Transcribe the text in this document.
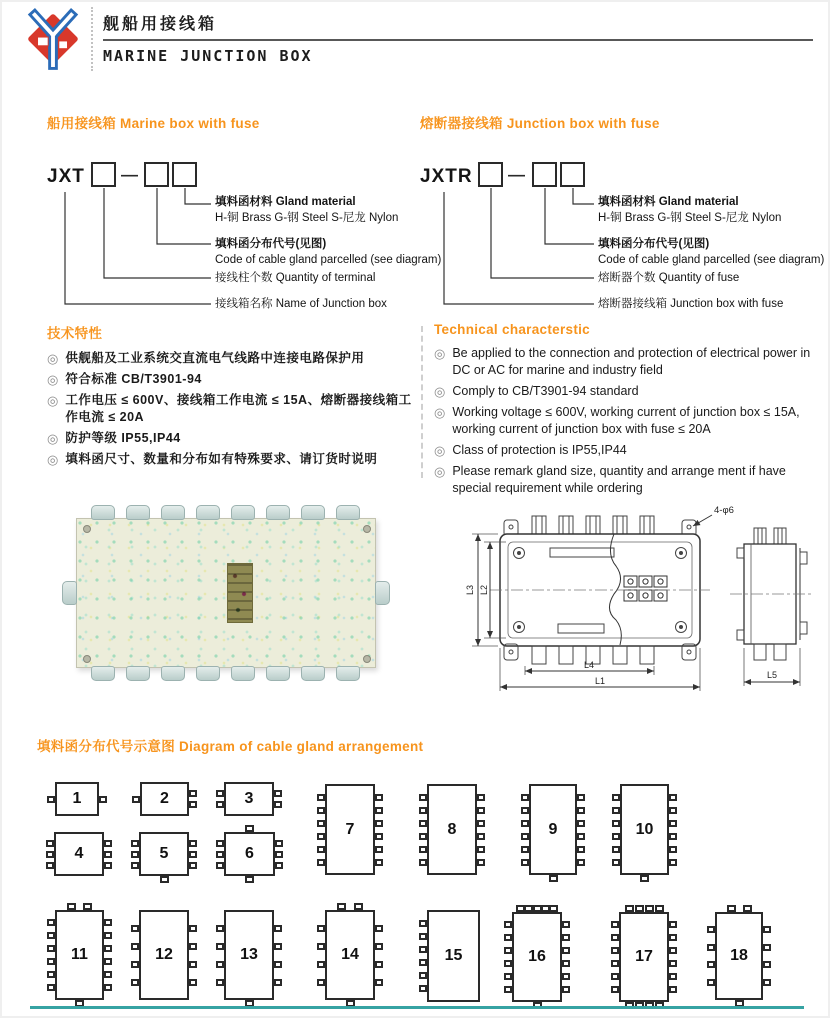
舰船用接线箱
MARINE JUNCTION BOX
船用接线箱 Marine box with fuse
JXT —
填料函材料 Gland material
H-铜 Brass G-钢 Steel S-尼龙 Nylon
填料函分布代号(见图)
Code of cable gland parcelled (see diagram)
接线柱个数 Quantity of terminal
接线箱名称 Name of Junction box
熔断器接线箱 Junction box with fuse
JXTR —
填料函材料 Gland material
H-铜 Brass G-钢 Steel S-尼龙 Nylon
填料函分布代号(见图)
Code of cable gland parcelled (see diagram)
熔断器个数 Quantity of fuse
熔断器接线箱 Junction box with fuse
技术特性
◎ 供舰船及工业系统交直流电气线路中连接电路保护用
◎ 符合标准 CB/T3901-94
◎ 工作电压 ≤ 600V、接线箱工作电流 ≤ 15A、熔断器接线箱工作电流 ≤ 20A
◎ 防护等级 IP55,IP44
◎ 填料函尺寸、数量和分布如有特殊要求、请订货时说明
Technical characterstic
◎ Be applied to the connection and protection of electrical power in DC or AC for marine and industry field
◎ Comply to CB/T3901-94 standard
◎ Working voltage ≤ 600V, working current of junction box ≤ 15A, working current of junction box with fuse ≤ 20A
◎ Class of protection is IP55,IP44
◎ Please remark gland size, quantity and arrange ment if have special requirement while ordering
4-φ6
L3 L2
L4
L1
L5
填料函分布代号示意图 Diagram of cable gland arrangement
1	2	3
4	5	6
7	8	9	10
11	12	13	14	15	16	17	18
